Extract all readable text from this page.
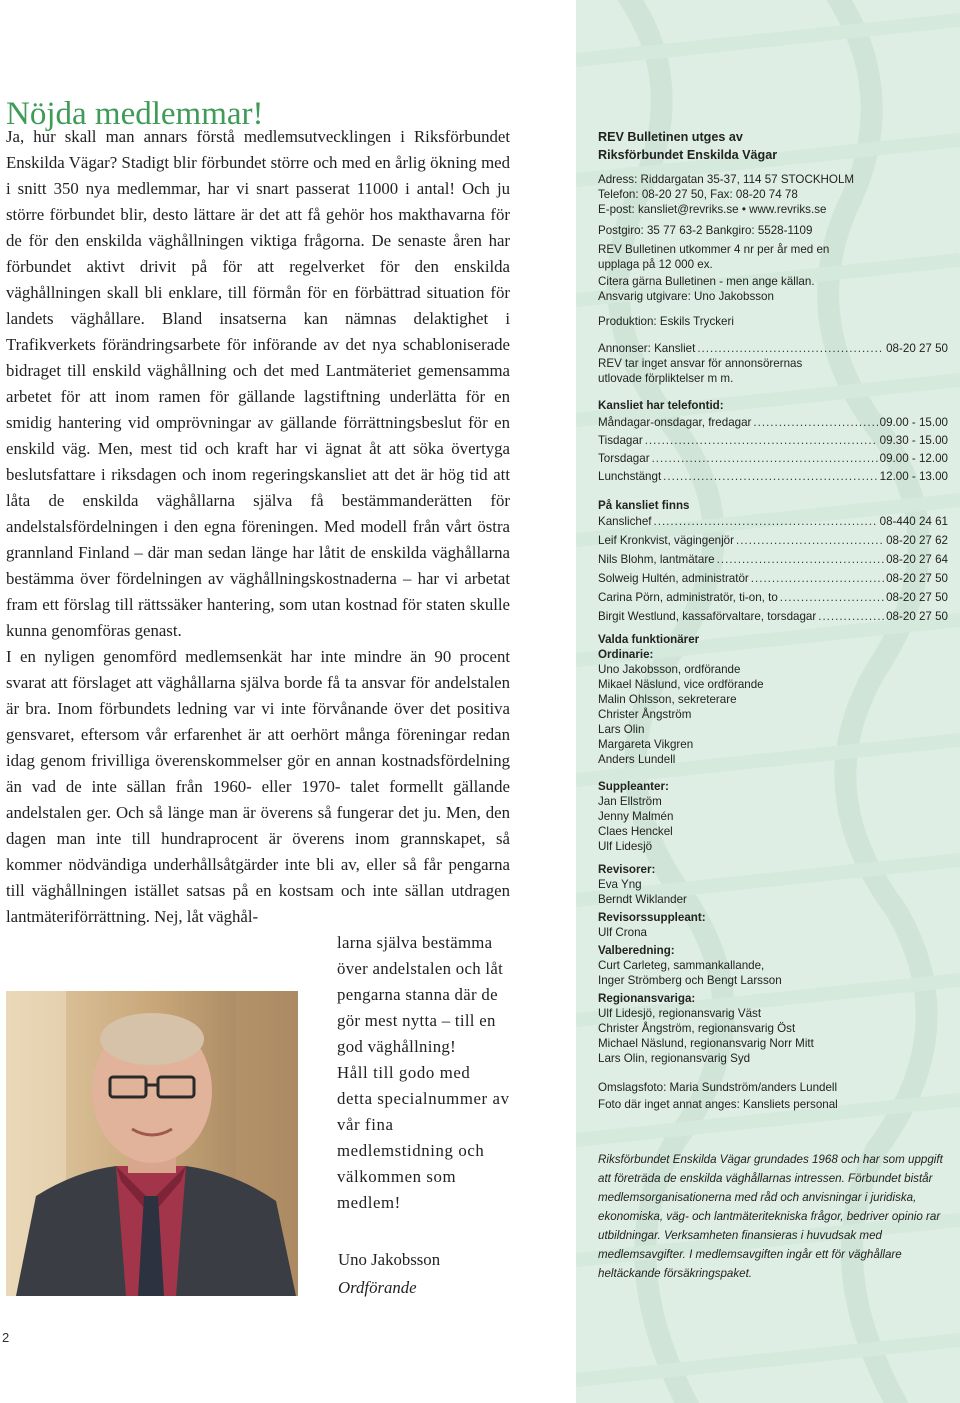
Nöjda medlemmar!

Ja, hur skall man annars förstå medlemsutvecklingen i Riksförbundet Enskilda Vägar? Stadigt blir förbundet större och med en årlig ökning med i snitt 350 nya medlemmar, har vi snart passerat 11000 i antal! Och ju större förbundet blir, desto lättare är det att få gehör hos makthavarna för de för den enskilda väghållningen viktiga frågorna. De senaste åren har förbundet aktivt drivit på för att regelverket för den enskilda väghållningen skall bli enklare, till förmån för en förbättrad situation för landets väghållare. Bland insatserna kan nämnas delaktighet i Trafikverkets förändringsarbete för införande av det nya schabloniserade bidraget till enskild väghållning och det med Lantmäteriet gemensamma arbetet för att inom ramen för gällande lagstiftning underlätta för en smidig hantering vid omprövningar av gällande förrättningsbeslut för en enskild väg. Men, mest tid och kraft har vi ägnat åt att söka övertyga beslutsfattare i riksdagen och inom regeringskansliet att det är hög tid att låta de enskilda väghållarna själva få bestämmanderätten för andelstalsfördelningen i den egna föreningen. Med modell från vårt östra grannland Finland – där man sedan länge har låtit de enskilda väghållarna bestämma över fördelningen av väghållningskostnaderna – har vi arbetat fram ett förslag till rättssäker hantering, som utan kostnad för staten skulle kunna genomföras genast.

I en nyligen genomförd medlemsenkät har inte mindre än 90 procent svarat att förslaget att väghållarna själva borde få ta ansvar för andelstalen är bra. Inom förbundets ledning var vi inte förvånande över det positiva gensvaret, eftersom vår erfarenhet är att oerhört många föreningar redan idag genom frivilliga överenskommelser gör en annan kostnadsfördelning än vad de inte sällan från 1960- eller 1970- talet formellt gällande andelstalen ger. Och så länge man är överens så fungerar det ju. Men, den dagen man inte till hundraprocent är överens inom grannskapet, så kommer nödvändiga underhållsåtgärder inte bli av, eller så får pengarna till väghållningen istället satsas på en kostsam och inte sällan utdragen lantmäteriförrättning. Nej, låt väghål-

larna själva bestämma över andelstalen och låt pengarna stanna där de gör mest nytta – till en god väghållning!

Håll till godo med detta specialnummer av vår fina medlemstidning och välkommen som medlem!

Uno Jakobsson
Ordförande
2
REV Bulletinen utges av
Riksförbundet Enskilda Vägar
Adress: Riddargatan 35-37, 114 57 STOCKHOLM
Telefon: 08-20 27 50, Fax: 08-20 74 78
E-post: kansliet@revriks.se • www.revriks.se
Postgiro: 35 77 63-2 Bankgiro: 5528-1109
REV Bulletinen utkommer 4 nr per år med en
upplaga på 12 000 ex.
Citera gärna Bulletinen - men ange källan.
Ansvarig utgivare: Uno Jakobsson
Produktion: Eskils Tryckeri
Annonser: Kansliet .....	08-20 27 50
REV tar inget ansvar för annonsörernas
utlovade förpliktelser m m.
Kansliet har telefontid:
Måndagar-onsdagar, fredagar .....	09.00 - 15.00
Tisdagar .....	09.30 - 15.00
Torsdagar .....	09.00 - 12.00
Lunchstängt .....	12.00 - 13.00
På kansliet finns
Kanslichef .....	08-440 24 61
Leif Kronkvist, vägingenjör .....	08-20 27 62
Nils Blohm, lantmätare .....	08-20 27 64
Solweig Hultén, administratör .....	08-20 27 50
Carina Pörn, administratör, ti-on, to .....	08-20 27 50
Birgit Westlund, kassaförvaltare, torsdagar .....	08-20 27 50
Valda funktionärer
Ordinarie:
Uno Jakobsson, ordförande
Mikael Näslund, vice ordförande
Malin Ohlsson, sekreterare
Christer Ångström
Lars Olin
Margareta Vikgren
Anders Lundell
Suppleanter:
Jan Ellström
Jenny Malmén
Claes Henckel
Ulf Lidesjö
Revisorer:
Eva Yng
Berndt Wiklander
Revisorssuppleant:
Ulf Crona
Valberedning:
Curt Carleteg, sammankallande,
Inger Strömberg och Bengt Larsson
Regionansvariga:
Ulf Lidesjö, regionansvarig Väst
Christer Ångström, regionansvarig Öst
Michael Näslund, regionansvarig Norr Mitt
Lars Olin, regionansvarig Syd
Omslagsfoto: Maria Sundström/anders Lundell
Foto där inget annat anges: Kansliets personal
Riksförbundet Enskilda Vägar grundades 1968 och har som uppgift att företräda de enskilda väghållarnas intressen. Förbundet bistår medlemsorganisationerna med råd och anvisningar i juridiska, ekonomiska, väg- och lantmäteritekniska frågor, bedriver opinio rar utbildningar. Verksamheten finansieras i huvudsak med medlemsavgifter. I medlemsavgiften ingår ett för väghållare heltäckande försäkringspaket.
